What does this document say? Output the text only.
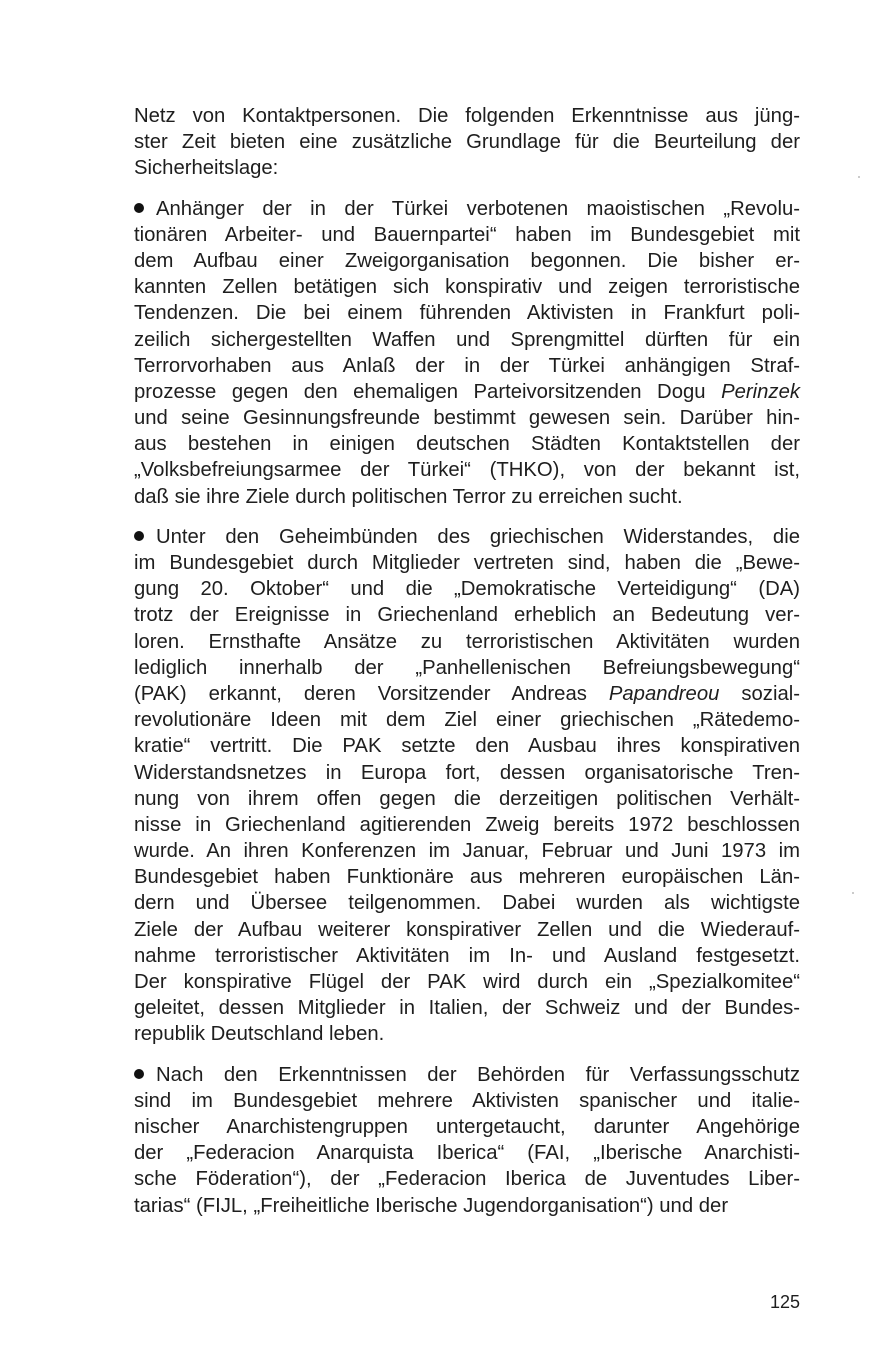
Netz von Kontaktpersonen. Die folgenden Erkenntnisse aus jüng-
ster Zeit bieten eine zusätzliche Grundlage für die Beurteilung der
Sicherheitslage:
Anhänger der in der Türkei verbotenen maoistischen „Revolu-
tionären Arbeiter- und Bauernpartei“ haben im Bundesgebiet mit
dem Aufbau einer Zweigorganisation begonnen. Die bisher er-
kannten Zellen betätigen sich konspirativ und zeigen terroristische
Tendenzen. Die bei einem führenden Aktivisten in Frankfurt poli-
zeilich sichergestellten Waffen und Sprengmittel dürften für ein
Terrorvorhaben aus Anlaß der in der Türkei anhängigen Straf-
prozesse gegen den ehemaligen Parteivorsitzenden Dogu Perinzek
und seine Gesinnungsfreunde bestimmt gewesen sein. Darüber hin-
aus bestehen in einigen deutschen Städten Kontaktstellen der
„Volksbefreiungsarmee der Türkei“ (THKO), von der bekannt ist,
daß sie ihre Ziele durch politischen Terror zu erreichen sucht.
Unter den Geheimbünden des griechischen Widerstandes, die
im Bundesgebiet durch Mitglieder vertreten sind, haben die „Bewe-
gung 20. Oktober“ und die „Demokratische Verteidigung“ (DA)
trotz der Ereignisse in Griechenland erheblich an Bedeutung ver-
loren. Ernsthafte Ansätze zu terroristischen Aktivitäten wurden
lediglich innerhalb der „Panhellenischen Befreiungsbewegung“
(PAK) erkannt, deren Vorsitzender Andreas Papandreou sozial-
revolutionäre Ideen mit dem Ziel einer griechischen „Rätedemo-
kratie“ vertritt. Die PAK setzte den Ausbau ihres konspirativen
Widerstandsnetzes in Europa fort, dessen organisatorische Tren-
nung von ihrem offen gegen die derzeitigen politischen Verhält-
nisse in Griechenland agitierenden Zweig bereits 1972 beschlossen
wurde. An ihren Konferenzen im Januar, Februar und Juni 1973 im
Bundesgebiet haben Funktionäre aus mehreren europäischen Län-
dern und Übersee teilgenommen. Dabei wurden als wichtigste
Ziele der Aufbau weiterer konspirativer Zellen und die Wiederauf-
nahme terroristischer Aktivitäten im In- und Ausland festgesetzt.
Der konspirative Flügel der PAK wird durch ein „Spezialkomitee“
geleitet, dessen Mitglieder in Italien, der Schweiz und der Bundes-
republik Deutschland leben.
Nach den Erkenntnissen der Behörden für Verfassungsschutz
sind im Bundesgebiet mehrere Aktivisten spanischer und italie-
nischer Anarchistengruppen untergetaucht, darunter Angehörige
der „Federacion Anarquista Iberica“ (FAI, „Iberische Anarchisti-
sche Föderation“), der „Federacion Iberica de Juventudes Liber-
tarias“ (FIJL, „Freiheitliche Iberische Jugendorganisation“) und der
125
